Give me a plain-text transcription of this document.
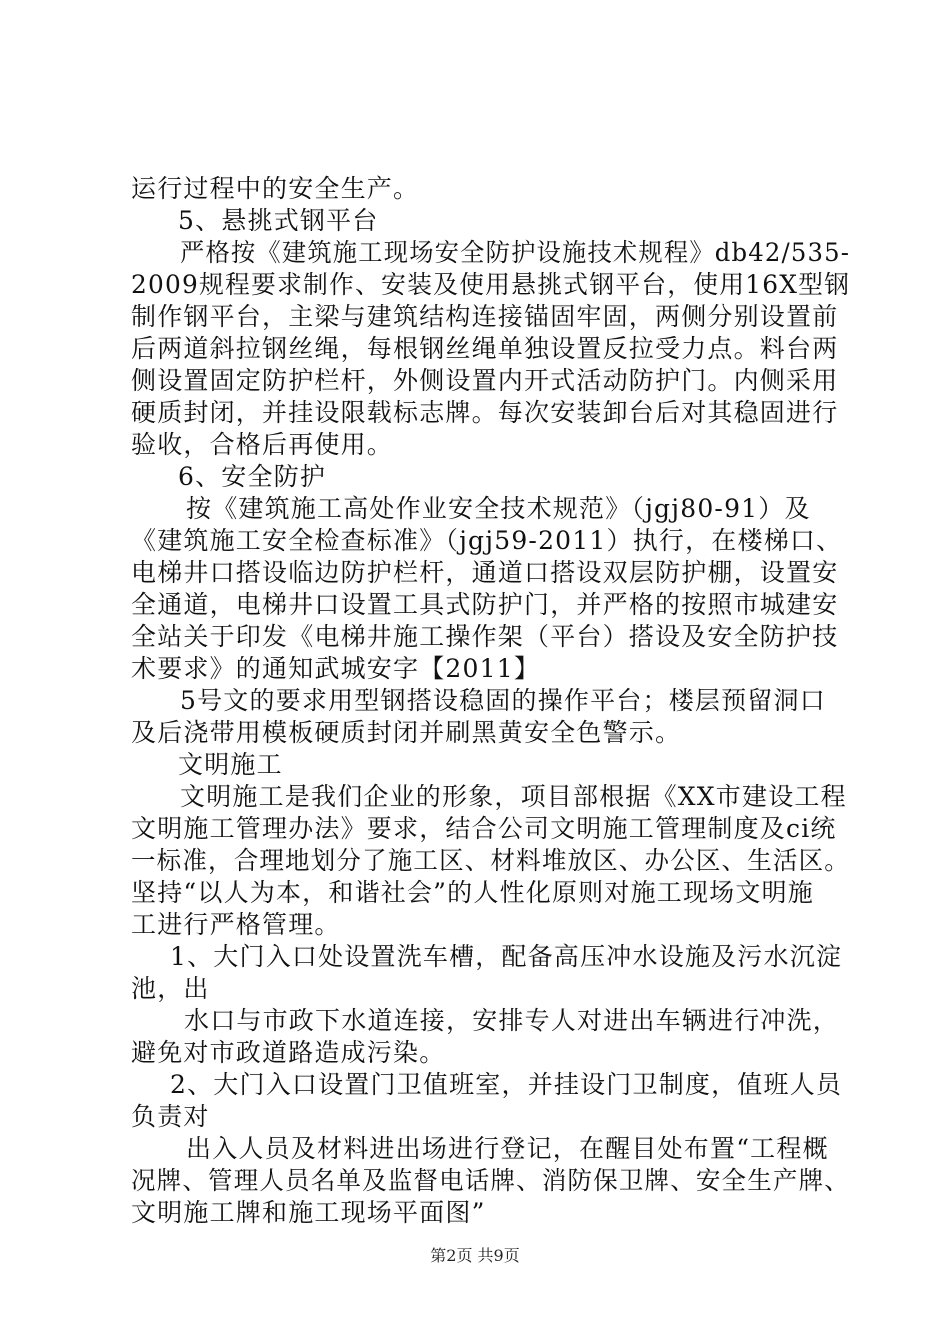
运行过程中的安全生产。
5、悬挑式钢平台
严格按《建筑施工现场安全防护设施技术规程》db42/535-
2009规程要求制作、安装及使用悬挑式钢平台，使用16X型钢
制作钢平台，主梁与建筑结构连接锚固牢固，两侧分别设置前
后两道斜拉钢丝绳，每根钢丝绳单独设置反拉受力点。料台两
侧设置固定防护栏杆，外侧设置内开式活动防护门。内侧采用
硬质封闭，并挂设限载标志牌。每次安装卸台后对其稳固进行
验收，合格后再使用。
6、安全防护
按《建筑施工高处作业安全技术规范》（jgj80-91）及
《建筑施工安全检查标准》（jgj59-2011）执行，在楼梯口、
电梯井口搭设临边防护栏杆，通道口搭设双层防护棚，设置安
全通道，电梯井口设置工具式防护门，并严格的按照市城建安
全站关于印发《电梯井施工操作架（平台）搭设及安全防护技
术要求》的通知武城安字【2011】
5号文的要求用型钢搭设稳固的操作平台；楼层预留洞口
及后浇带用模板硬质封闭并刷黑黄安全色警示。
文明施工
文明施工是我们企业的形象，项目部根据《XX市建设工程
文明施工管理办法》要求，结合公司文明施工管理制度及ci统
一标准，合理地划分了施工区、材料堆放区、办公区、生活区。
坚持“以人为本，和谐社会”的人性化原则对施工现场文明施
工进行严格管理。
1、大门入口处设置洗车槽，配备高压冲水设施及污水沉淀
池，出
水口与市政下水道连接，安排专人对进出车辆进行冲洗，
避免对市政道路造成污染。
2、大门入口设置门卫值班室，并挂设门卫制度，值班人员
负责对
出入人员及材料进出场进行登记，在醒目处布置“工程概
况牌、管理人员名单及监督电话牌、消防保卫牌、安全生产牌、
文明施工牌和施工现场平面图”
第2页 共9页
